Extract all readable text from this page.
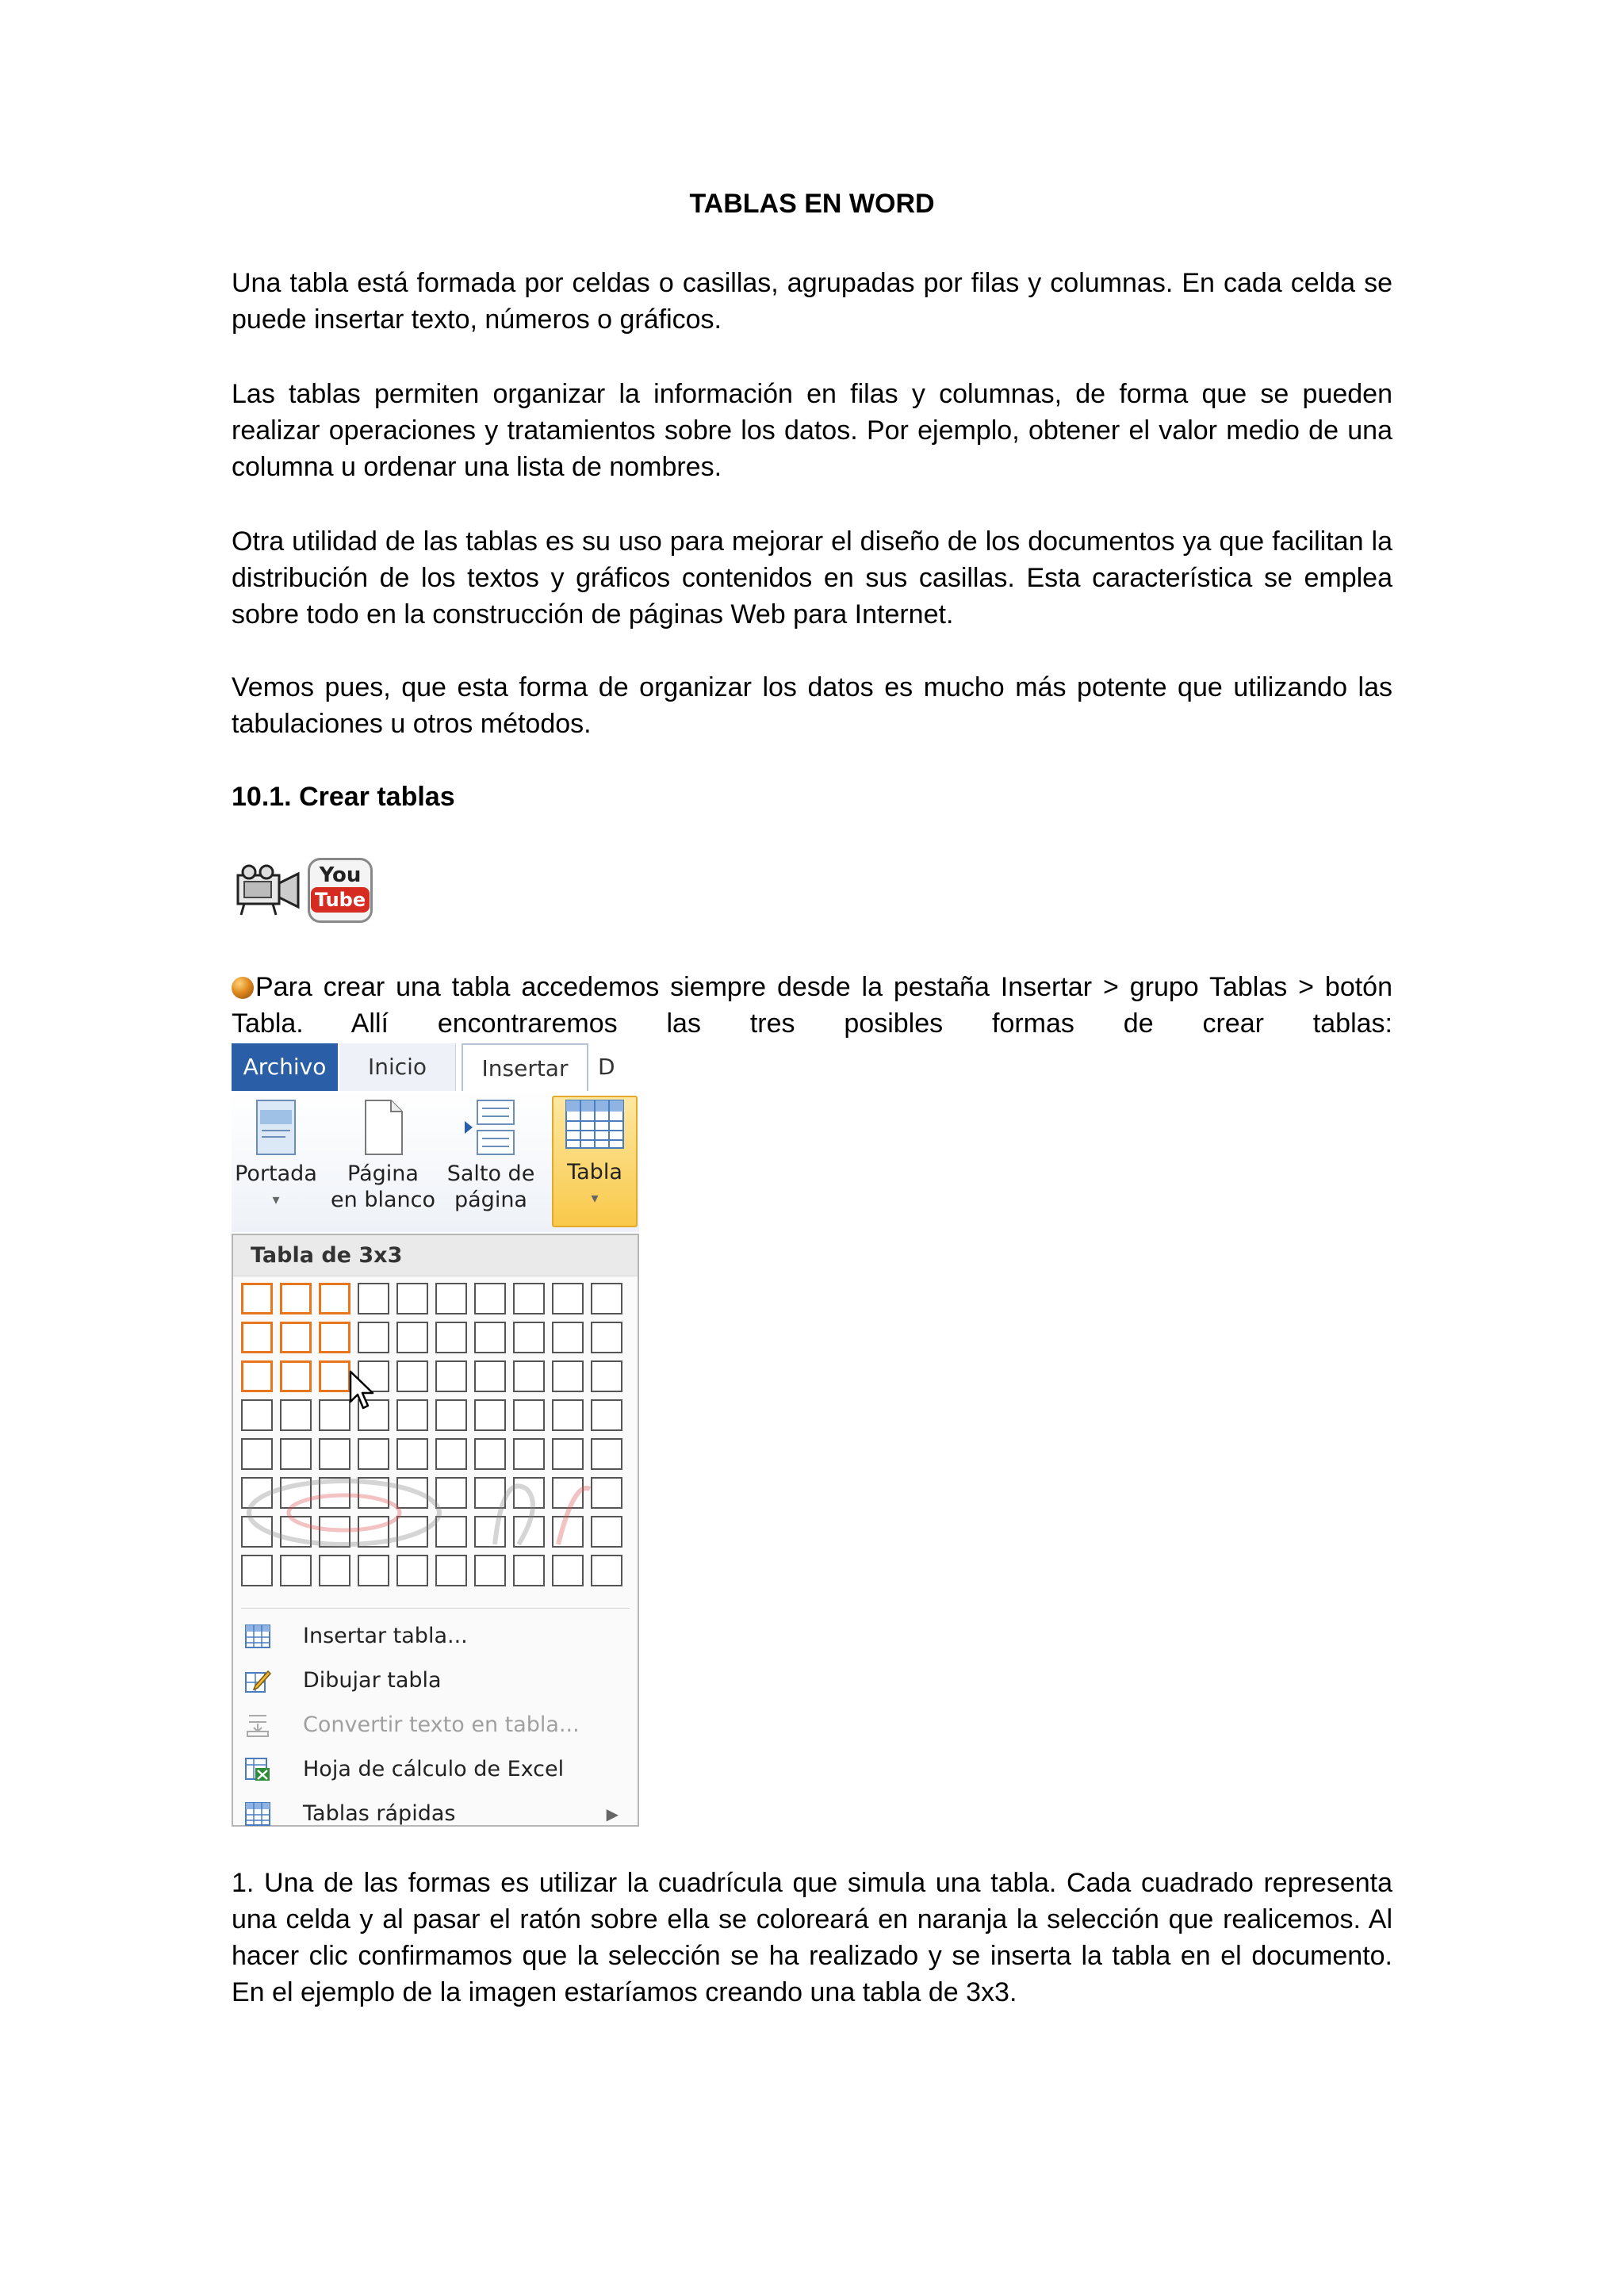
TABLAS EN WORD
Una tabla está formada por celdas o casillas, agrupadas por filas y columnas. En cada celda se puede insertar texto, números o gráficos.
Las tablas permiten organizar la información en filas y columnas, de forma que se pueden realizar operaciones y tratamientos sobre los datos. Por ejemplo, obtener el valor medio de una columna u ordenar una lista de nombres.
Otra utilidad de las tablas es su uso para mejorar el diseño de los documentos ya que facilitan la distribución de los textos y gráficos contenidos en sus casillas. Esta característica se emplea sobre todo en la construcción de páginas Web para Internet.
Vemos pues, que esta forma de organizar los datos es mucho más potente que utilizando las tabulaciones u otros métodos.
10.1. Crear tablas
You
Tube
Para crear una tabla accedemos siempre desde la pestaña Insertar > grupo Tablas > botón Tabla. Allí encontraremos las tres posibles formas de crear tablas:
Archivo	Inicio	Insertar	D
Portada
▾
Página
en blanco
Salto de
página
Tabla
▾
Tabla de 3x3
Insertar tabla...
Dibujar tabla
Convertir texto en tabla...
Hoja de cálculo de Excel
Tablas rápidas	▶
1. Una de las formas es utilizar la cuadrícula que simula una tabla. Cada cuadrado representa una celda y al pasar el ratón sobre ella se coloreará en naranja la selección que realicemos. Al hacer clic confirmamos que la selección se ha realizado y se inserta la tabla en el documento. En el ejemplo de la imagen estaríamos creando una tabla de 3x3.
